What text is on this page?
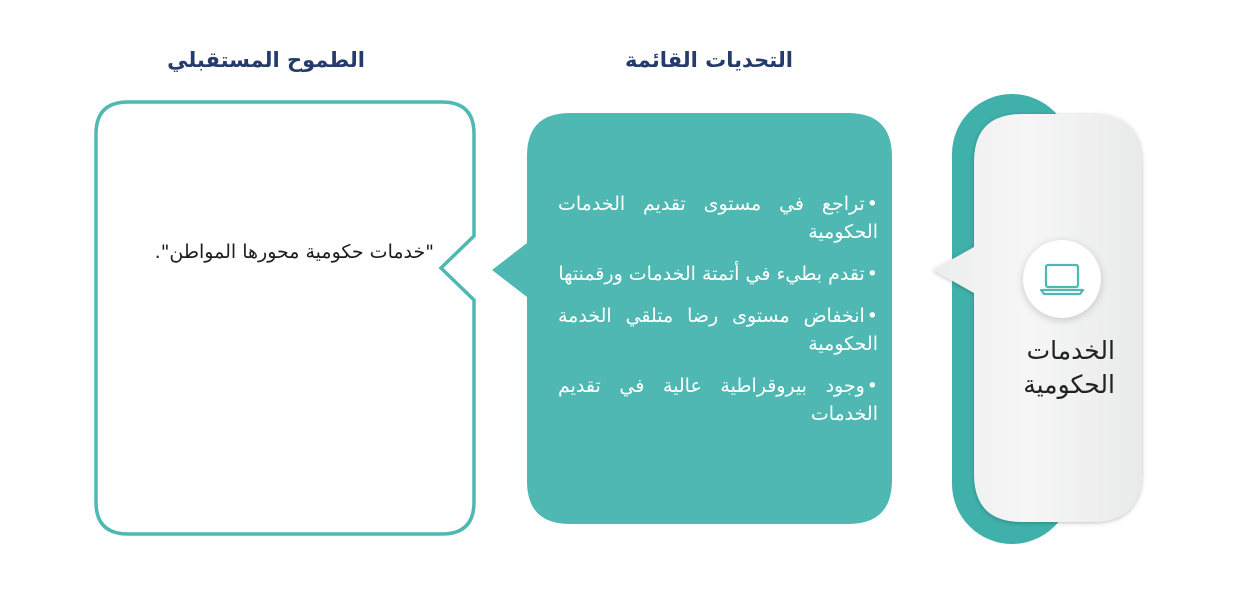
التحديات القائمة
الطموح المستقبلي
•تراجع في مستوى تقديم الخدمات الحكومية
•تقدم بطيء في أتمتة الخدمات ورقمنتها
•انخفاض مستوى رضا متلقي الخدمة الحكومية
•وجود بيروقراطية عالية في تقديم الخدمات

"خدمات حكومية محورها المواطن".

الخدمات الحكومية
